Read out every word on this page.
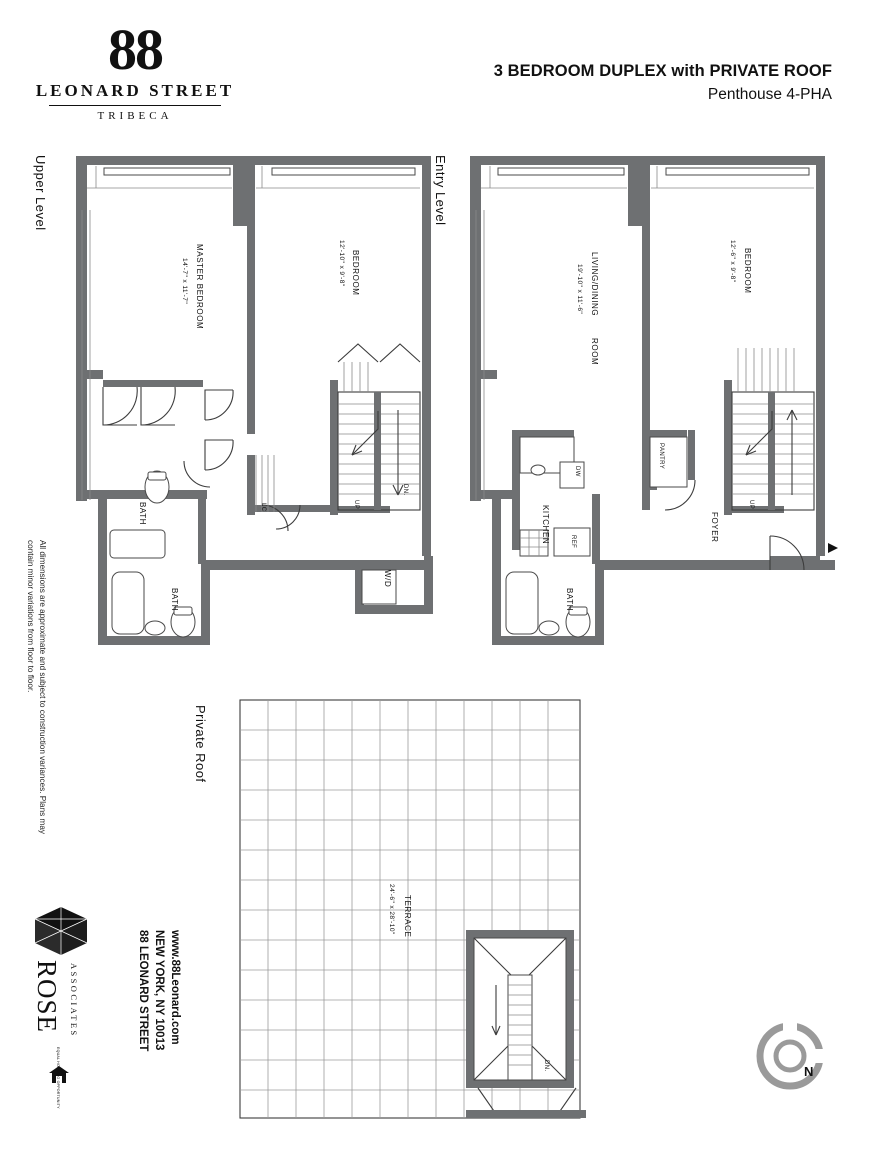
88
LEONARD STREET
TRIBECA
3 BEDROOM DUPLEX with PRIVATE ROOF
Penthouse 4-PHA
Upper Level	Entry Level
Private Roof
All dimensions are approximate and subject to construction variances. Plans may contain minor variations from floor to floor.
MASTER BEDROOM
14'-7" x 11'-7"	BEDROOM
12'-10" x 9'-8"
BATH
BATH
LC
W/D
DN.
UP
LIVING/DINING
ROOM
19'-10" x 11'-6"	BEDROOM
12'-6" x 9'-8"
KITCHEN
DW
REF
PANTRY
FOYER
BATH
UP
TERRACE
24'-6" x 28'-10"
DN.
ROSE ASSOCIATES	88 LEONARD STREET NEW YORK, NY 10013 www.88Leonard.com
EQUAL HOUSING OPPORTUNITY	N
